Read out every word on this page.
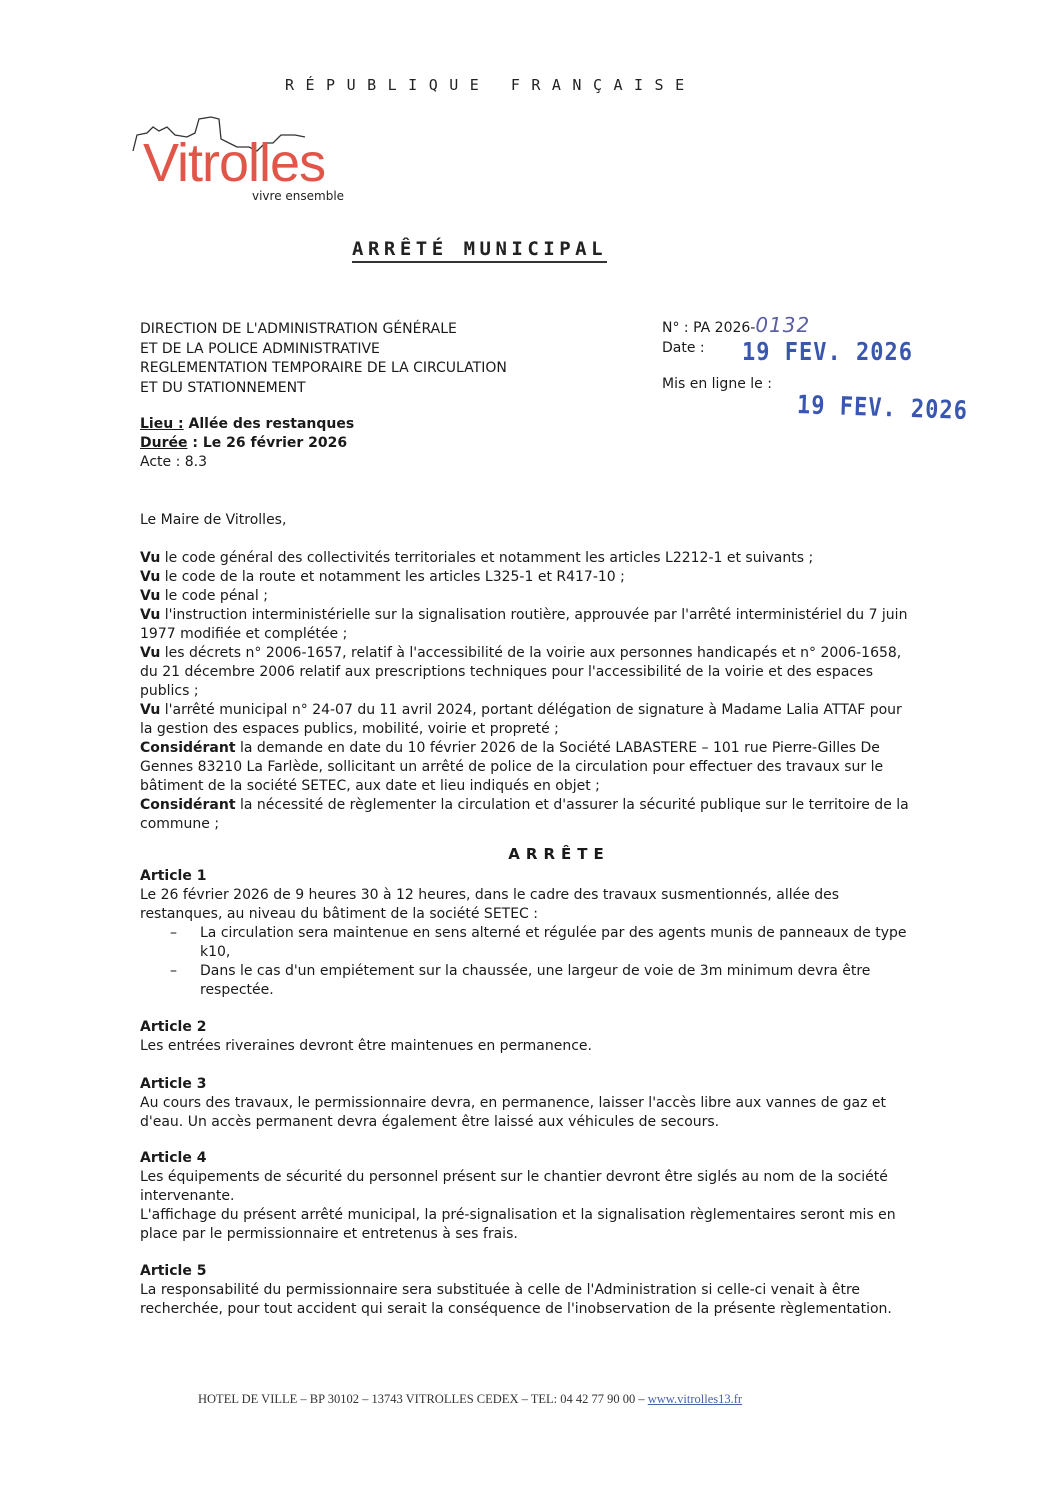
RÉPUBLIQUE FRANÇAISE
Vitrolles
vivre ensemble
ARRÊTÉ MUNICIPAL
DIRECTION DE L'ADMINISTRATION GÉNÉRALE
ET DE LA POLICE ADMINISTRATIVE
REGLEMENTATION TEMPORAIRE DE LA CIRCULATION
ET DU STATIONNEMENT
Lieu : Allée des restanques
Durée : Le 26 février 2026
Acte : 8.3
N° : PA 2026-0132
Date :
Mis en ligne le :
19 FEV. 2026
19 FEV. 2026

Le Maire de Vitrolles,

Vu le code général des collectivités territoriales et notamment les articles L2212-1 et suivants ;

Vu le code de la route et notamment les articles L325-1 et R417-10 ;

Vu le code pénal ;

Vu l'instruction interministérielle sur la signalisation routière, approuvée par l'arrêté interministériel du 7 juin 1977 modifiée et complétée ;

Vu les décrets n° 2006-1657, relatif à l'accessibilité de la voirie aux personnes handicapés et n° 2006-1658, du 21 décembre 2006 relatif aux prescriptions techniques pour l'accessibilité de la voirie et des espaces publics ;

Vu l'arrêté municipal n° 24-07 du 11 avril 2024, portant délégation de signature à Madame Lalia ATTAF pour la gestion des espaces publics, mobilité, voirie et propreté ;

Considérant la demande en date du 10 février 2026 de la Société LABASTERE – 101 rue Pierre-Gilles De Gennes 83210 La Farlède, sollicitant un arrêté de police de la circulation pour effectuer des travaux sur le bâtiment de la société SETEC, aux date et lieu indiqués en objet ;

Considérant la nécessité de règlementer la circulation et d'assurer la sécurité publique sur le territoire de la commune ;

ARRÊTE

Article 1

Le 26 février 2026 de 9 heures 30 à 12 heures, dans le cadre des travaux susmentionnés, allée des restanques, au niveau du bâtiment de la société SETEC :

– La circulation sera maintenue en sens alterné et régulée par des agents munis de panneaux de type k10,
– Dans le cas d'un empiétement sur la chaussée, une largeur de voie de 3m minimum devra être respectée.

Article 2

Les entrées riveraines devront être maintenues en permanence.

Article 3

Au cours des travaux, le permissionnaire devra, en permanence, laisser l'accès libre aux vannes de gaz et d'eau. Un accès permanent devra également être laissé aux véhicules de secours.

Article 4

Les équipements de sécurité du personnel présent sur le chantier devront être siglés au nom de la société intervenante.

L'affichage du présent arrêté municipal, la pré-signalisation et la signalisation règlementaires seront mis en place par le permissionnaire et entretenus à ses frais.

Article 5

La responsabilité du permissionnaire sera substituée à celle de l'Administration si celle-ci venait à être recherchée, pour tout accident qui serait la conséquence de l'inobservation de la présente règlementation.

HOTEL DE VILLE – BP 30102 – 13743 VITROLLES CEDEX – TEL: 04 42 77 90 00 – www.vitrolles13.fr
